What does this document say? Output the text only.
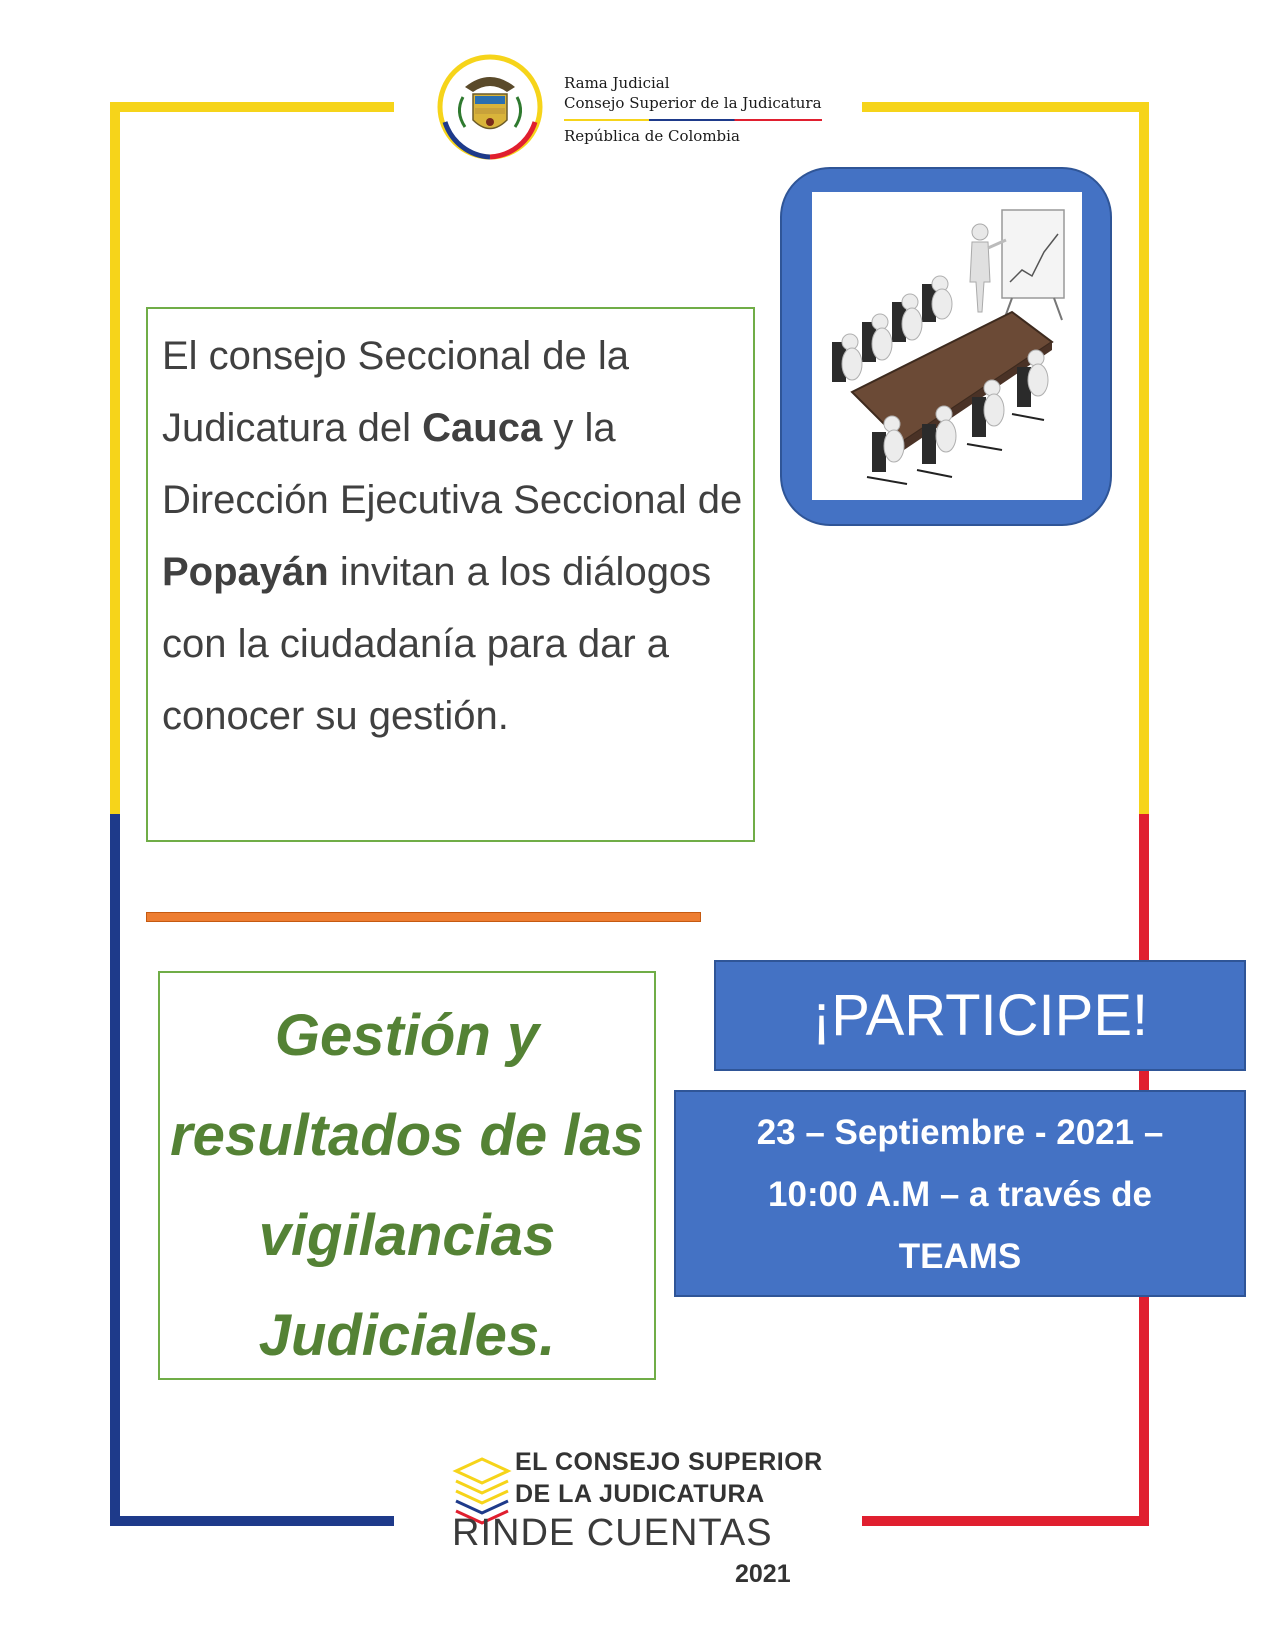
Rama Judicial
Consejo Superior de la Judicatura
República de Colombia
El consejo Seccional de la Judicatura del Cauca y la Dirección Ejecutiva Seccional de Popayán invitan a los diálogos con la ciudadanía para dar a conocer su gestión.
Gestión y resultados de las vigilancias Judiciales.
¡PARTICIPE!
23 – Septiembre - 2021 –
10:00 A.M – a través de
TEAMS
EL CONSEJO SUPERIOR
DE LA JUDICATURA
RINDE CUENTAS
2021
